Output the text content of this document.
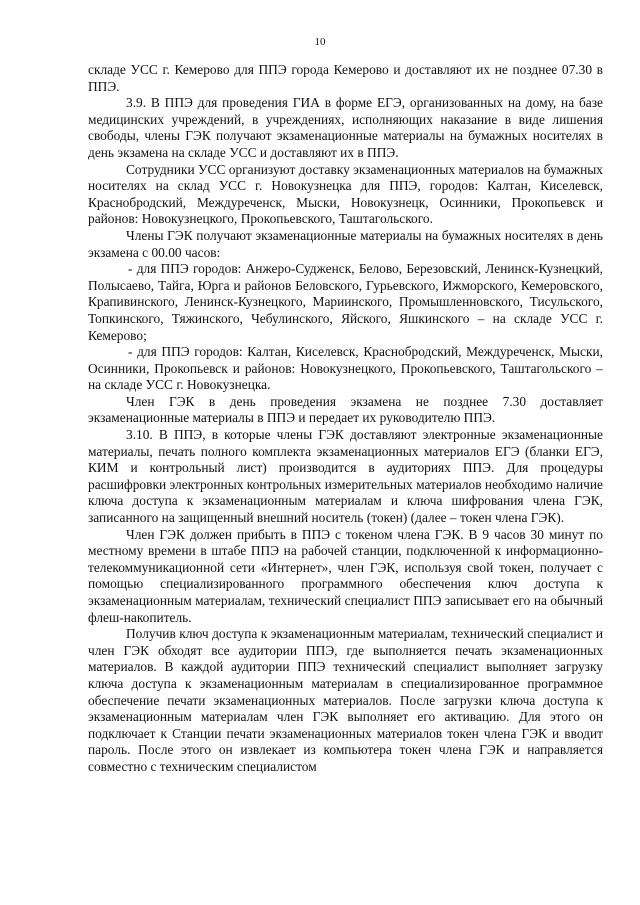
10

складе УСС г. Кемерово для ППЭ города Кемерово и доставляют их не позднее 07.30 в ППЭ.

3.9. В ППЭ для проведения ГИА в форме ЕГЭ, организованных на дому, на базе медицинских учреждений, в учреждениях, исполняющих наказание в виде лишения свободы, члены ГЭК получают экзаменационные материалы на бумажных носителях в день экзамена на складе УСС и доставляют их в ППЭ.

Сотрудники УСС организуют доставку экзаменационных материалов на бумажных носителях на склад УСС г. Новокузнецка для ППЭ, городов: Калтан, Киселевск, Краснобродский, Междуреченск, Мыски, Новокузнецк, Осинники, Прокопьевск и районов: Новокузнецкого, Прокопьевского, Таштагольского.

Члены ГЭК получают экзаменационные материалы на бумажных носителях в день экзамена с 00.00 часов:

- для ППЭ городов: Анжеро-Судженск, Белово, Березовский, Ленинск-Кузнецкий, Полысаево, Тайга, Юрга и районов Беловского, Гурьевского, Ижморского, Кемеровского, Крапивинского, Ленинск-Кузнецкого, Мариинского, Промышленновского, Тисульского, Топкинского, Тяжинского, Чебулинского, Яйского, Яшкинского – на складе УСС г. Кемерово;

- для ППЭ городов: Калтан, Киселевск, Краснобродский, Междуреченск, Мыски, Осинники, Прокопьевск и районов: Новокузнецкого, Прокопьевского, Таштагольского – на складе УСС г. Новокузнецка.

Член ГЭК в день проведения экзамена не позднее 7.30 доставляет экзаменационные материалы в ППЭ и передает их руководителю ППЭ.

3.10. В ППЭ, в которые члены ГЭК доставляют электронные экзаменационные материалы, печать полного комплекта экзаменационных материалов ЕГЭ (бланки ЕГЭ, КИМ и контрольный лист) производится в аудиториях ППЭ. Для процедуры расшифровки электронных контрольных измерительных материалов необходимо наличие ключа доступа к экзаменационным материалам и ключа шифрования члена ГЭК, записанного на защищенный внешний носитель (токен) (далее – токен члена ГЭК).

Член ГЭК должен прибыть в ППЭ с токеном члена ГЭК. В 9 часов 30 минут по местному времени в штабе ППЭ на рабочей станции, подключенной к информационно-телекоммуникационной сети «Интернет», член ГЭК, используя свой токен, получает с помощью специализированного программного обеспечения ключ доступа к экзаменационным материалам, технический специалист ППЭ записывает его на обычный флеш-накопитель.

Получив ключ доступа к экзаменационным материалам, технический специалист и член ГЭК обходят все аудитории ППЭ, где выполняется печать экзаменационных материалов. В каждой аудитории ППЭ технический специалист выполняет загрузку ключа доступа к экзаменационным материалам в специализированное программное обеспечение печати экзаменационных материалов. После загрузки ключа доступа к экзаменационным материалам член ГЭК выполняет его активацию. Для этого он подключает к Станции печати экзаменационных материалов токен члена ГЭК и вводит пароль. После этого он извлекает из компьютера токен члена ГЭК и направляется совместно с техническим специалистом
